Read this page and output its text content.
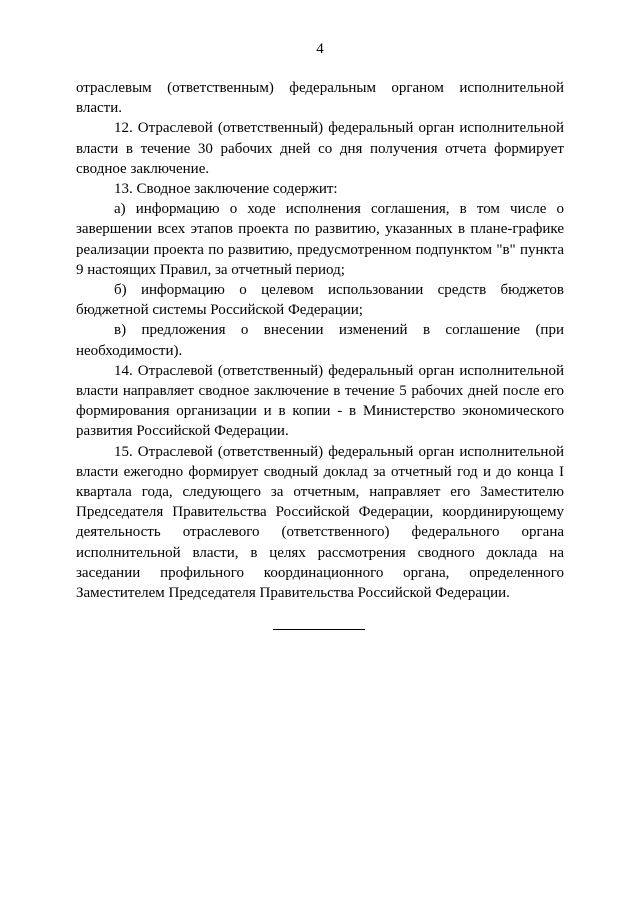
4

отраслевым (ответственным) федеральным органом исполнительной власти.

12. Отраслевой (ответственный) федеральный орган исполнительной власти в течение 30 рабочих дней со дня получения отчета формирует сводное заключение.

13. Сводное заключение содержит:

а) информацию о ходе исполнения соглашения, в том числе о завершении всех этапов проекта по развитию, указанных в плане-графике реализации проекта по развитию, предусмотренном подпунктом "в" пункта 9 настоящих Правил, за отчетный период;

б) информацию о целевом использовании средств бюджетов бюджетной системы Российской Федерации;

в) предложения о внесении изменений в соглашение (при необходимости).

14. Отраслевой (ответственный) федеральный орган исполнительной власти направляет сводное заключение в течение 5 рабочих дней после его формирования организации и в копии - в Министерство экономического развития Российской Федерации.

15. Отраслевой (ответственный) федеральный орган исполнительной власти ежегодно формирует сводный доклад за отчетный год и до конца I квартала года, следующего за отчетным, направляет его Заместителю Председателя Правительства Российской Федерации, координирующему деятельность отраслевого (ответственного) федерального органа исполнительной власти, в целях рассмотрения сводного доклада на заседании профильного координационного органа, определенного Заместителем Председателя Правительства Российской Федерации.
